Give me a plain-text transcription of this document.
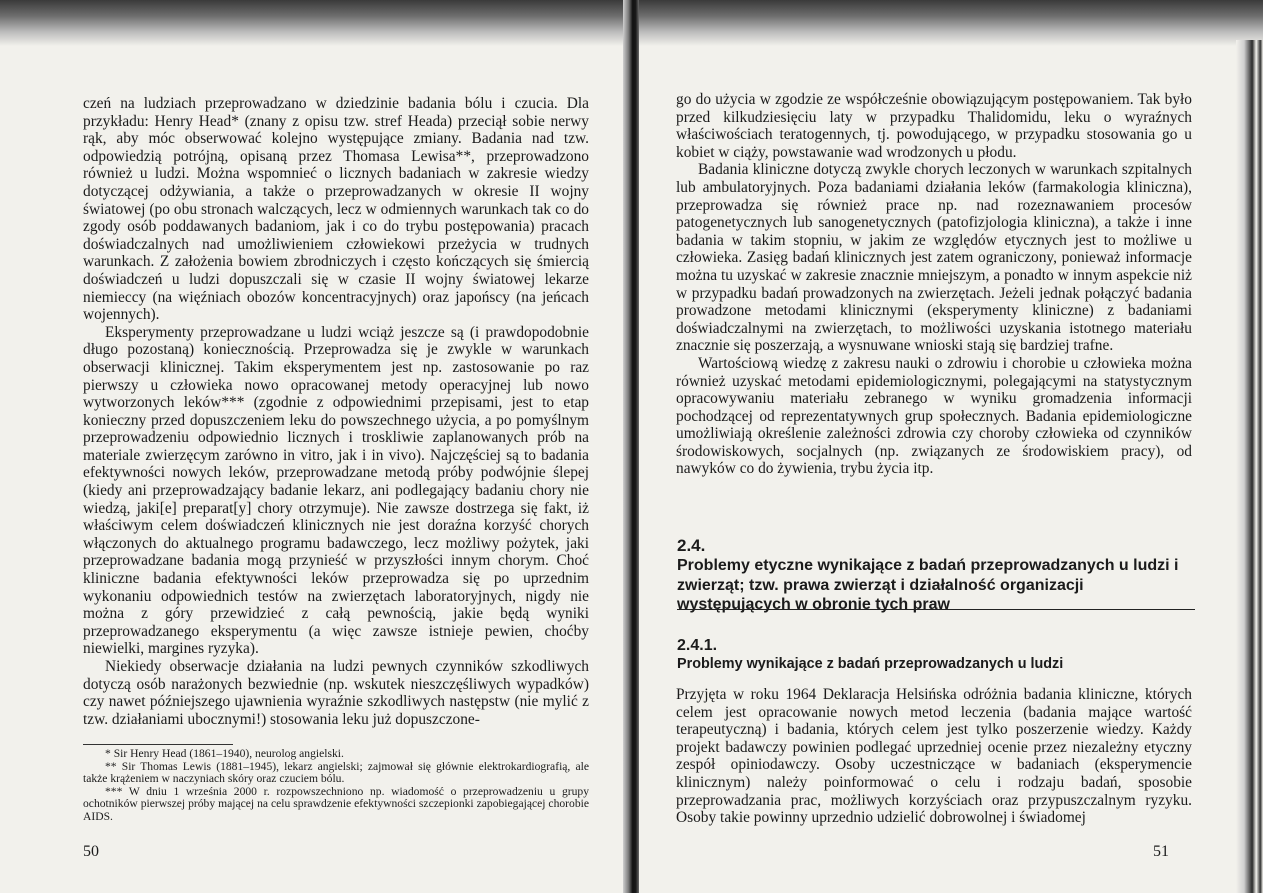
czeń na ludziach przeprowadzano w dziedzinie badania bólu i czucia. Dla przykładu: Henry Head* (znany z opisu tzw. stref Heada) przeciął sobie nerwy rąk, aby móc obserwować kolejno występujące zmiany. Badania nad tzw. odpowiedzią potrójną, opisaną przez Thomasa Lewisa**, przeprowadzono również u ludzi. Można wspomnieć o licznych badaniach w zakresie wiedzy dotyczącej odżywiania, a także o przeprowadzanych w okresie II wojny światowej (po obu stronach walczących, lecz w odmiennych warunkach tak co do zgody osób poddawanych badaniom, jak i co do trybu postępowania) pracach doświadczalnych nad umożliwieniem człowiekowi przeżycia w trudnych warunkach. Z założenia bowiem zbrodniczych i często kończących się śmiercią doświadczeń u ludzi dopuszczali się w czasie II wojny światowej lekarze niemieccy (na więźniach obozów koncentracyjnych) oraz japońscy (na jeńcach wojennych).

Eksperymenty przeprowadzane u ludzi wciąż jeszcze są (i prawdopodobnie długo pozostaną) koniecznością. Przeprowadza się je zwykle w warunkach obserwacji klinicznej. Takim eksperymentem jest np. zastosowanie po raz pierwszy u człowieka nowo opracowanej metody operacyjnej lub nowo wytworzonych leków*** (zgodnie z odpowiednimi przepisami, jest to etap konieczny przed dopuszczeniem leku do powszechnego użycia, a po pomyślnym przeprowadzeniu odpowiednio licznych i troskliwie zaplanowanych prób na materiale zwierzęcym zarówno in vitro, jak i in vivo). Najczęściej są to badania efektywności nowych leków, przeprowadzane metodą próby podwójnie ślepej (kiedy ani przeprowadzający badanie lekarz, ani podlegający badaniu chory nie wiedzą, jaki[e] preparat[y] chory otrzymuje). Nie zawsze dostrzega się fakt, iż właściwym celem doświadczeń klinicznych nie jest doraźna korzyść chorych włączonych do aktualnego programu badawczego, lecz możliwy pożytek, jaki przeprowadzane badania mogą przynieść w przyszłości innym chorym. Choć kliniczne badania efektywności leków przeprowadza się po uprzednim wykonaniu odpowiednich testów na zwierzętach laboratoryjnych, nigdy nie można z góry przewidzieć z całą pewnością, jakie będą wyniki przeprowadzanego eksperymentu (a więc zawsze istnieje pewien, choćby niewielki, margines ryzyka).

Niekiedy obserwacje działania na ludzi pewnych czynników szkodliwych dotyczą osób narażonych bezwiednie (np. wskutek nieszczęśliwych wypadków) czy nawet późniejszego ujawnienia wyraźnie szkodliwych następstw (nie mylić z tzw. działaniami ubocznymi!) stosowania leku już dopuszczone-

* Sir Henry Head (1861–1940), neurolog angielski.

** Sir Thomas Lewis (1881–1945), lekarz angielski; zajmował się głównie elektrokardiografią, ale także krążeniem w naczyniach skóry oraz czuciem bólu.

*** W dniu 1 września 2000 r. rozpowszechniono np. wiadomość o przeprowadzeniu u grupy ochotników pierwszej próby mającej na celu sprawdzenie efektywności szczepionki zapobiegającej chorobie AIDS.

50

go do użycia w zgodzie ze współcześnie obowiązującym postępowaniem. Tak było przed kilkudziesięciu laty w przypadku Thalidomidu, leku o wyraźnych właściwościach teratogennych, tj. powodującego, w przypadku stosowania go u kobiet w ciąży, powstawanie wad wrodzonych u płodu.

Badania kliniczne dotyczą zwykle chorych leczonych w warunkach szpitalnych lub ambulatoryjnych. Poza badaniami działania leków (farmakologia kliniczna), przeprowadza się również prace np. nad rozeznawaniem procesów patogenetycznych lub sanogenetycznych (patofizjologia kliniczna), a także i inne badania w takim stopniu, w jakim ze względów etycznych jest to możliwe u człowieka. Zasięg badań klinicznych jest zatem ograniczony, ponieważ informacje można tu uzyskać w zakresie znacznie mniejszym, a ponadto w innym aspekcie niż w przypadku badań prowadzonych na zwierzętach. Jeżeli jednak połączyć badania prowadzone metodami klinicznymi (eksperymenty kliniczne) z badaniami doświadczalnymi na zwierzętach, to możliwości uzyskania istotnego materiału znacznie się poszerzają, a wysnuwane wnioski stają się bardziej trafne.

Wartościową wiedzę z zakresu nauki o zdrowiu i chorobie u człowieka można również uzyskać metodami epidemiologicznymi, polegającymi na statystycznym opracowywaniu materiału zebranego w wyniku gromadzenia informacji pochodzącej od reprezentatywnych grup społecznych. Badania epidemiologiczne umożliwiają określenie zależności zdrowia czy choroby człowieka od czynników środowiskowych, socjalnych (np. związanych ze środowiskiem pracy), od nawyków co do żywienia, trybu życia itp.

2.4.
Problemy etyczne wynikające z badań przeprowadzanych u ludzi i zwierząt; tzw. prawa zwierząt i działalność organizacji występujących w obronie tych praw
2.4.1.
Problemy wynikające z badań przeprowadzanych u ludzi

Przyjęta w roku 1964 Deklaracja Helsińska odróżnia badania kliniczne, których celem jest opracowanie nowych metod leczenia (badania mające wartość terapeutyczną) i badania, których celem jest tylko poszerzenie wiedzy. Każdy projekt badawczy powinien podlegać uprzedniej ocenie przez niezależny etyczny zespół opiniodawczy. Osoby uczestniczące w badaniach (eksperymencie klinicznym) należy poinformować o celu i rodzaju badań, sposobie przeprowadzania prac, możliwych korzyściach oraz przypuszczalnym ryzyku. Osoby takie powinny uprzednio udzielić dobrowolnej i świadomej

51
